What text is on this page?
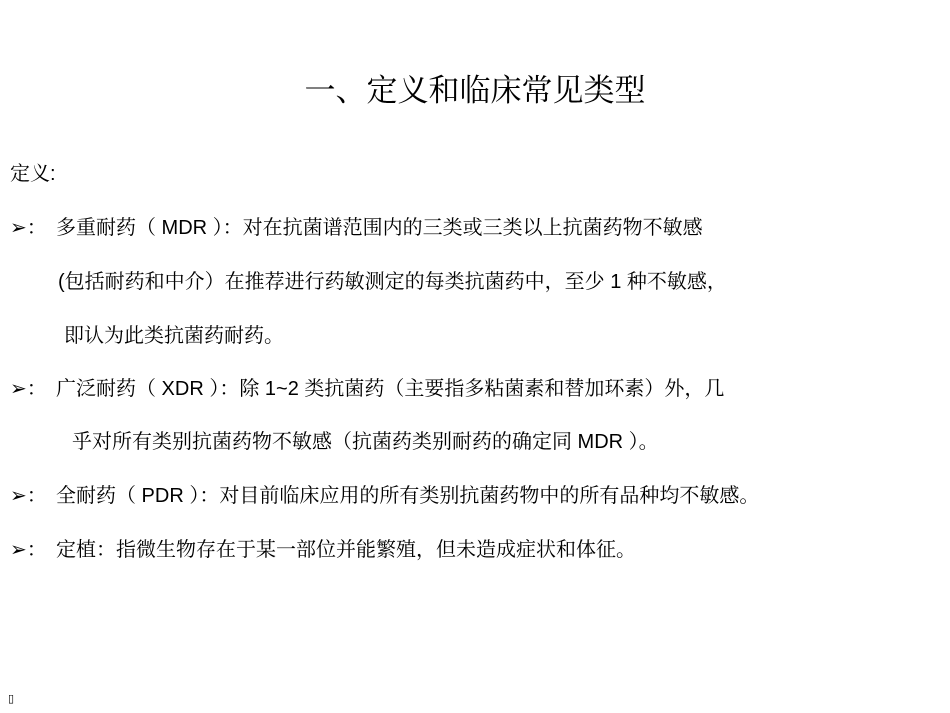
一、定义和临床常见类型
定义:
➢： 多重耐药（ MDR ）：对在抗菌谱范围内的三类或三类以上抗菌药物不敏感
(包括耐药和中介）在推荐进行药敏测定的每类抗菌药中，至少 1 种不敏感，
即认为此类抗菌药耐药。
➢： 广泛耐药（ XDR ）：除 1~2 类抗菌药（主要指多粘菌素和替加环素）外，几
乎对所有类别抗菌药物不敏感（抗菌药类别耐药的确定同 MDR ）。
➢： 全耐药（ PDR ）：对目前临床应用的所有类别抗菌药物中的所有品种均不敏感。
➢： 定植：指微生物存在于某一部位并能繁殖，但未造成症状和体征。
▯
